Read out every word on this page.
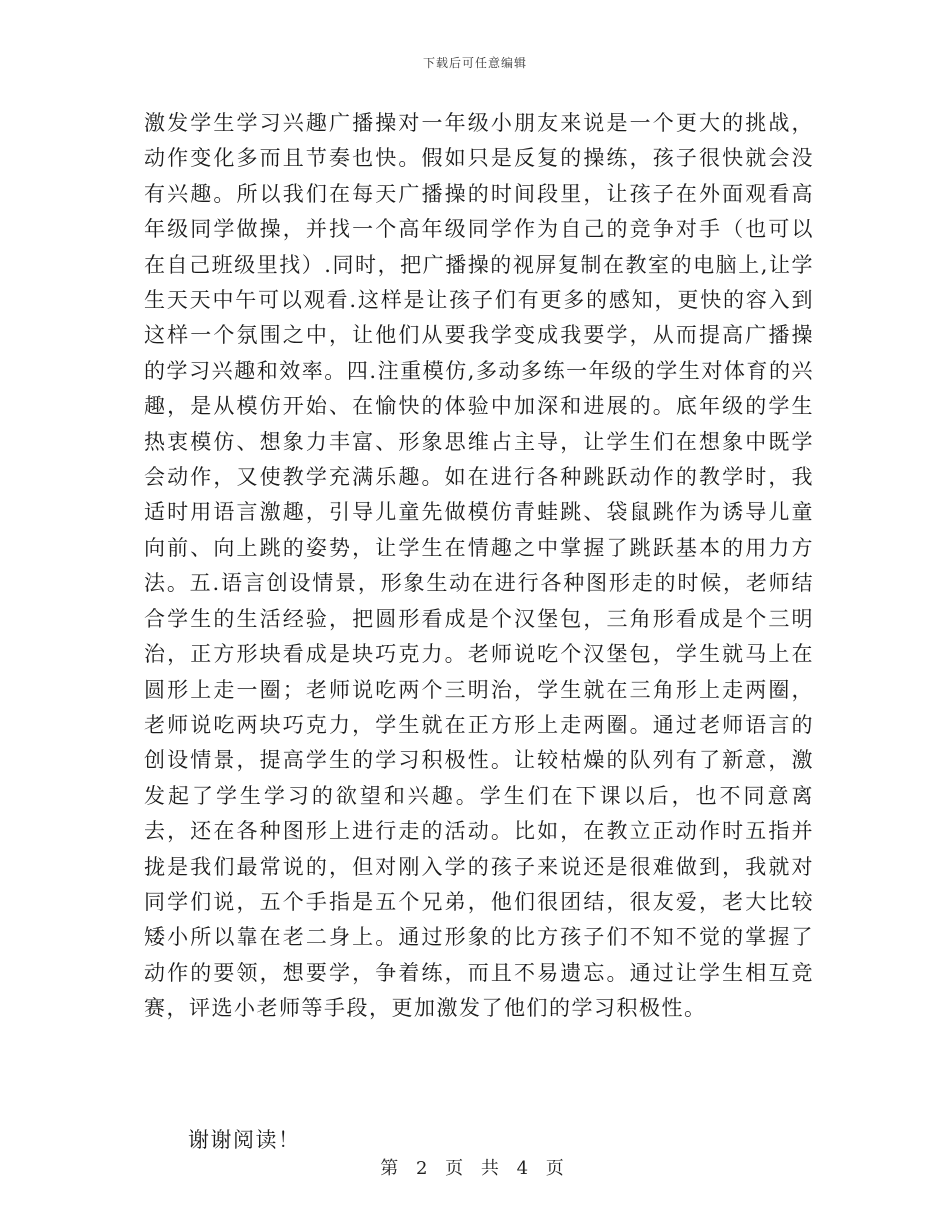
下载后可任意编辑
激发学生学习兴趣广播操对一年级小朋友来说是一个更大的挑战，动作变化多而且节奏也快。假如只是反复的操练，孩子很快就会没有兴趣。所以我们在每天广播操的时间段里，让孩子在外面观看高年级同学做操，并找一个高年级同学作为自己的竞争对手（也可以在自己班级里找）.同时，把广播操的视屏复制在教室的电脑上,让学生天天中午可以观看.这样是让孩子们有更多的感知，更快的容入到这样一个氛围之中，让他们从要我学变成我要学，从而提高广播操的学习兴趣和效率。四.注重模仿,多动多练一年级的学生对体育的兴趣，是从模仿开始、在愉快的体验中加深和进展的。底年级的学生热衷模仿、想象力丰富、形象思维占主导，让学生们在想象中既学会动作，又使教学充满乐趣。如在进行各种跳跃动作的教学时，我适时用语言激趣，引导儿童先做模仿青蛙跳、袋鼠跳作为诱导儿童向前、向上跳的姿势，让学生在情趣之中掌握了跳跃基本的用力方法。五.语言创设情景，形象生动在进行各种图形走的时候，老师结合学生的生活经验，把圆形看成是个汉堡包，三角形看成是个三明治，正方形块看成是块巧克力。老师说吃个汉堡包，学生就马上在圆形上走一圈；老师说吃两个三明治，学生就在三角形上走两圈，老师说吃两块巧克力，学生就在正方形上走两圈。通过老师语言的创设情景，提高学生的学习积极性。让较枯燥的队列有了新意，激发起了学生学习的欲望和兴趣。学生们在下课以后，也不同意离去，还在各种图形上进行走的活动。比如，在教立正动作时五指并拢是我们最常说的，但对刚入学的孩子来说还是很难做到，我就对同学们说，五个手指是五个兄弟，他们很团结，很友爱，老大比较矮小所以靠在老二身上。通过形象的比方孩子们不知不觉的掌握了动作的要领，想要学，争着练，而且不易遗忘。通过让学生相互竞赛，评选小老师等手段，更加激发了他们的学习积极性。
谢谢阅读！
第 2 页 共 4 页
